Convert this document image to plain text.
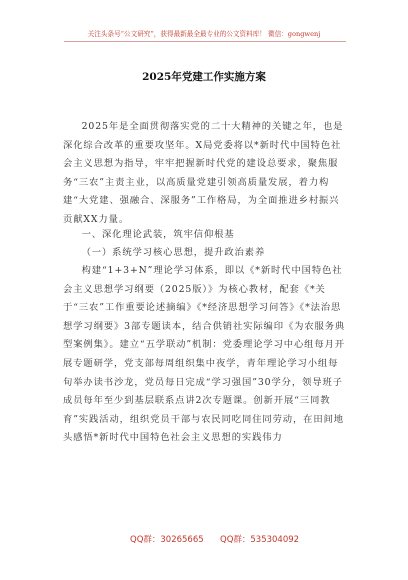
关注头条号“公文研究”，获得最新最全最专业的公文资料库！ 微信：gongwenj
2025年党建工作实施方案

2025年是全面贯彻落实党的二十大精神的关键之年，也是深化综合改革的重要攻坚年。X局党委将以*新时代中国特色社会主义思想为指导，牢牢把握新时代党的建设总要求，聚焦服务“三农”主责主业，以高质量党建引领高质量发展，着力构建“大党建、强融合、深服务”工作格局，为全面推进乡村振兴贡献XX力量。

一、深化理论武装，筑牢信仰根基

（一）系统学习核心思想，提升政治素养

构建“1+3+N”理论学习体系，即以《*新时代中国特色社会主义思想学习纲要（2025版）》为核心教材，配套《*关于“三农”工作重要论述摘编》《*经济思想学习问答》《*法治思想学习纲要》3部专题读本，结合供销社实际编印《为农服务典型案例集》。建立“五学联动”机制：党委理论学习中心组每月开展专题研学，党支部每周组织集中夜学，青年理论学习小组每旬举办读书沙龙，党员每日完成“学习强国”30学分，领导班子成员每年至少到基层联系点讲2次专题课。创新开展“三同教育”实践活动，组织党员干部与农民同吃同住同劳动，在田间地头感悟*新时代中国特色社会主义思想的实践伟力

QQ群：30265665 QQ群：535304092
